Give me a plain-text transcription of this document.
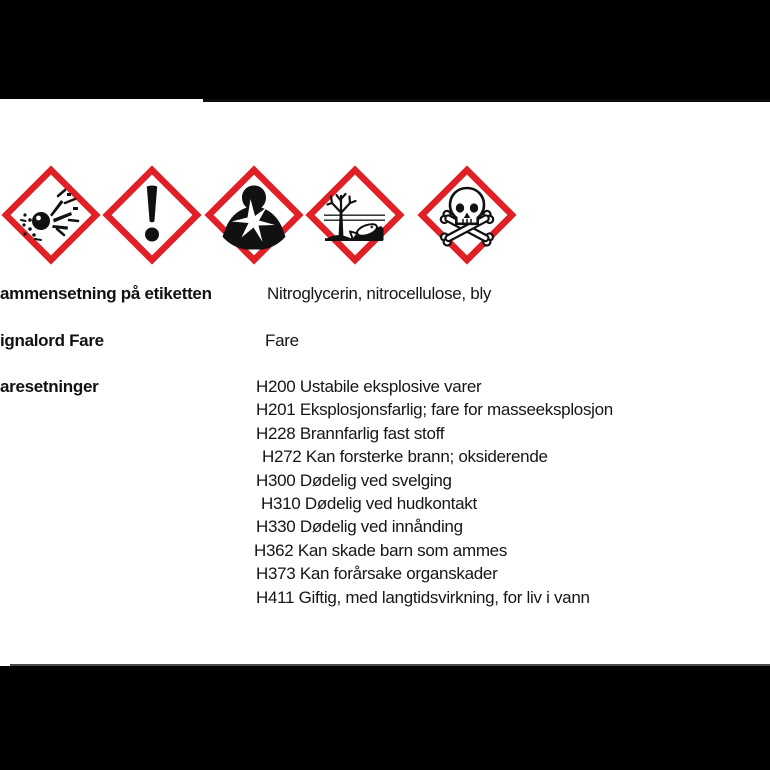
ammensetning på etiketten	Nitroglycerin, nitrocellulose, bly
ignalord Fare	Fare
aresetninger	H200 Ustabile eksplosive varer
H201 Eksplosjonsfarlig; fare for masseeksplosjon
H228 Brannfarlig fast stoff
H272 Kan forsterke brann; oksiderende
H300 Dødelig ved svelging
H310 Dødelig ved hudkontakt
H330 Dødelig ved innånding
H362 Kan skade barn som ammes
H373 Kan forårsake organskader
H411 Giftig, med langtidsvirkning, for liv i vann
